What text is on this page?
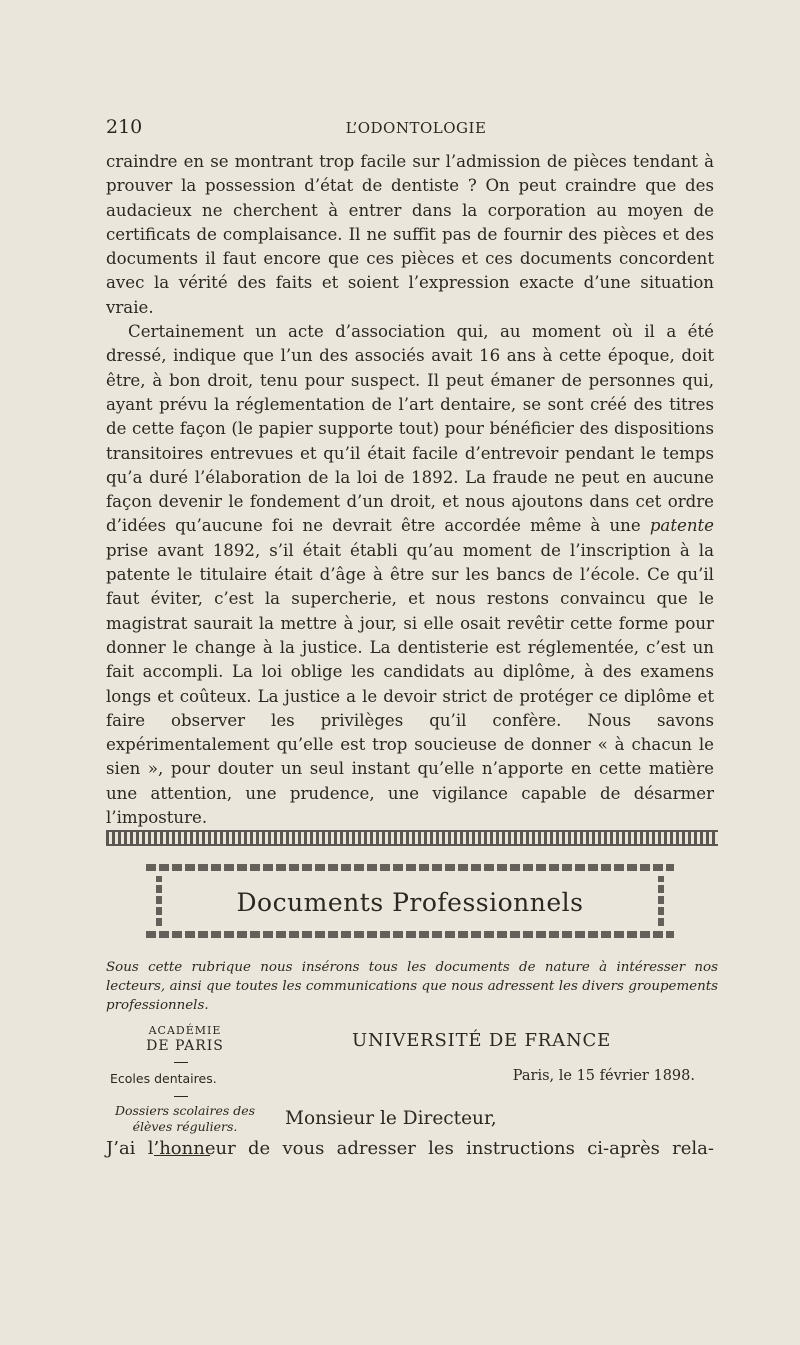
210	L’ODONTOLOGIE

craindre en se montrant trop facile sur l’admission de pièces tendant à prouver la possession d’état de dentiste ? On peut craindre que des audacieux ne cherchent à entrer dans la corporation au moyen de certificats de complaisance. Il ne suffit pas de fournir des pièces et des documents il faut encore que ces pièces et ces documents concordent avec la vérité des faits et soient l’expression exacte d’une situation vraie.

Certainement un acte d’association qui, au moment où il a été dressé, indique que l’un des associés avait 16 ans à cette époque, doit être, à bon droit, tenu pour suspect. Il peut émaner de personnes qui, ayant prévu la réglementation de l’art dentaire, se sont créé des titres de cette façon (le papier supporte tout) pour bénéficier des dispositions transitoires entrevues et qu’il était facile d’entrevoir pendant le temps qu’a duré l’élaboration de la loi de 1892. La fraude ne peut en aucune façon devenir le fondement d’un droit, et nous ajoutons dans cet ordre d’idées qu’aucune foi ne devrait être accordée même à une patente prise avant 1892, s’il était établi qu’au moment de l’inscription à la patente le titulaire était d’âge à être sur les bancs de l’école. Ce qu’il faut éviter, c’est la supercherie, et nous restons convaincu que le magistrat saurait la mettre à jour, si elle osait revêtir cette forme pour donner le change à la justice. La dentisterie est réglementée, c’est un fait accompli. La loi oblige les candidats au diplôme, à des examens longs et coûteux. La justice a le devoir strict de protéger ce diplôme et faire observer les privilèges qu’il confère. Nous savons expérimentalement qu’elle est trop soucieuse de donner « à chacun le sien », pour douter un seul instant qu’elle n’apporte en cette matière une attention, une prudence, une vigilance capable de désarmer l’imposture.

Documents Professionnels
Sous cette rubrique nous insérons tous les documents de nature à intéresser nos lecteurs, ainsi que toutes les communications que nous adressent les divers groupements professionnels.
ACADÉMIE
DE PARIS
Ecoles dentaires.
Dossiers scolaires des élèves réguliers.
UNIVERSITÉ DE FRANCE
Paris, le 15 février 1898.
Monsieur le Directeur,
J’ai l’honneur de vous adresser les instructions ci-après rela-
